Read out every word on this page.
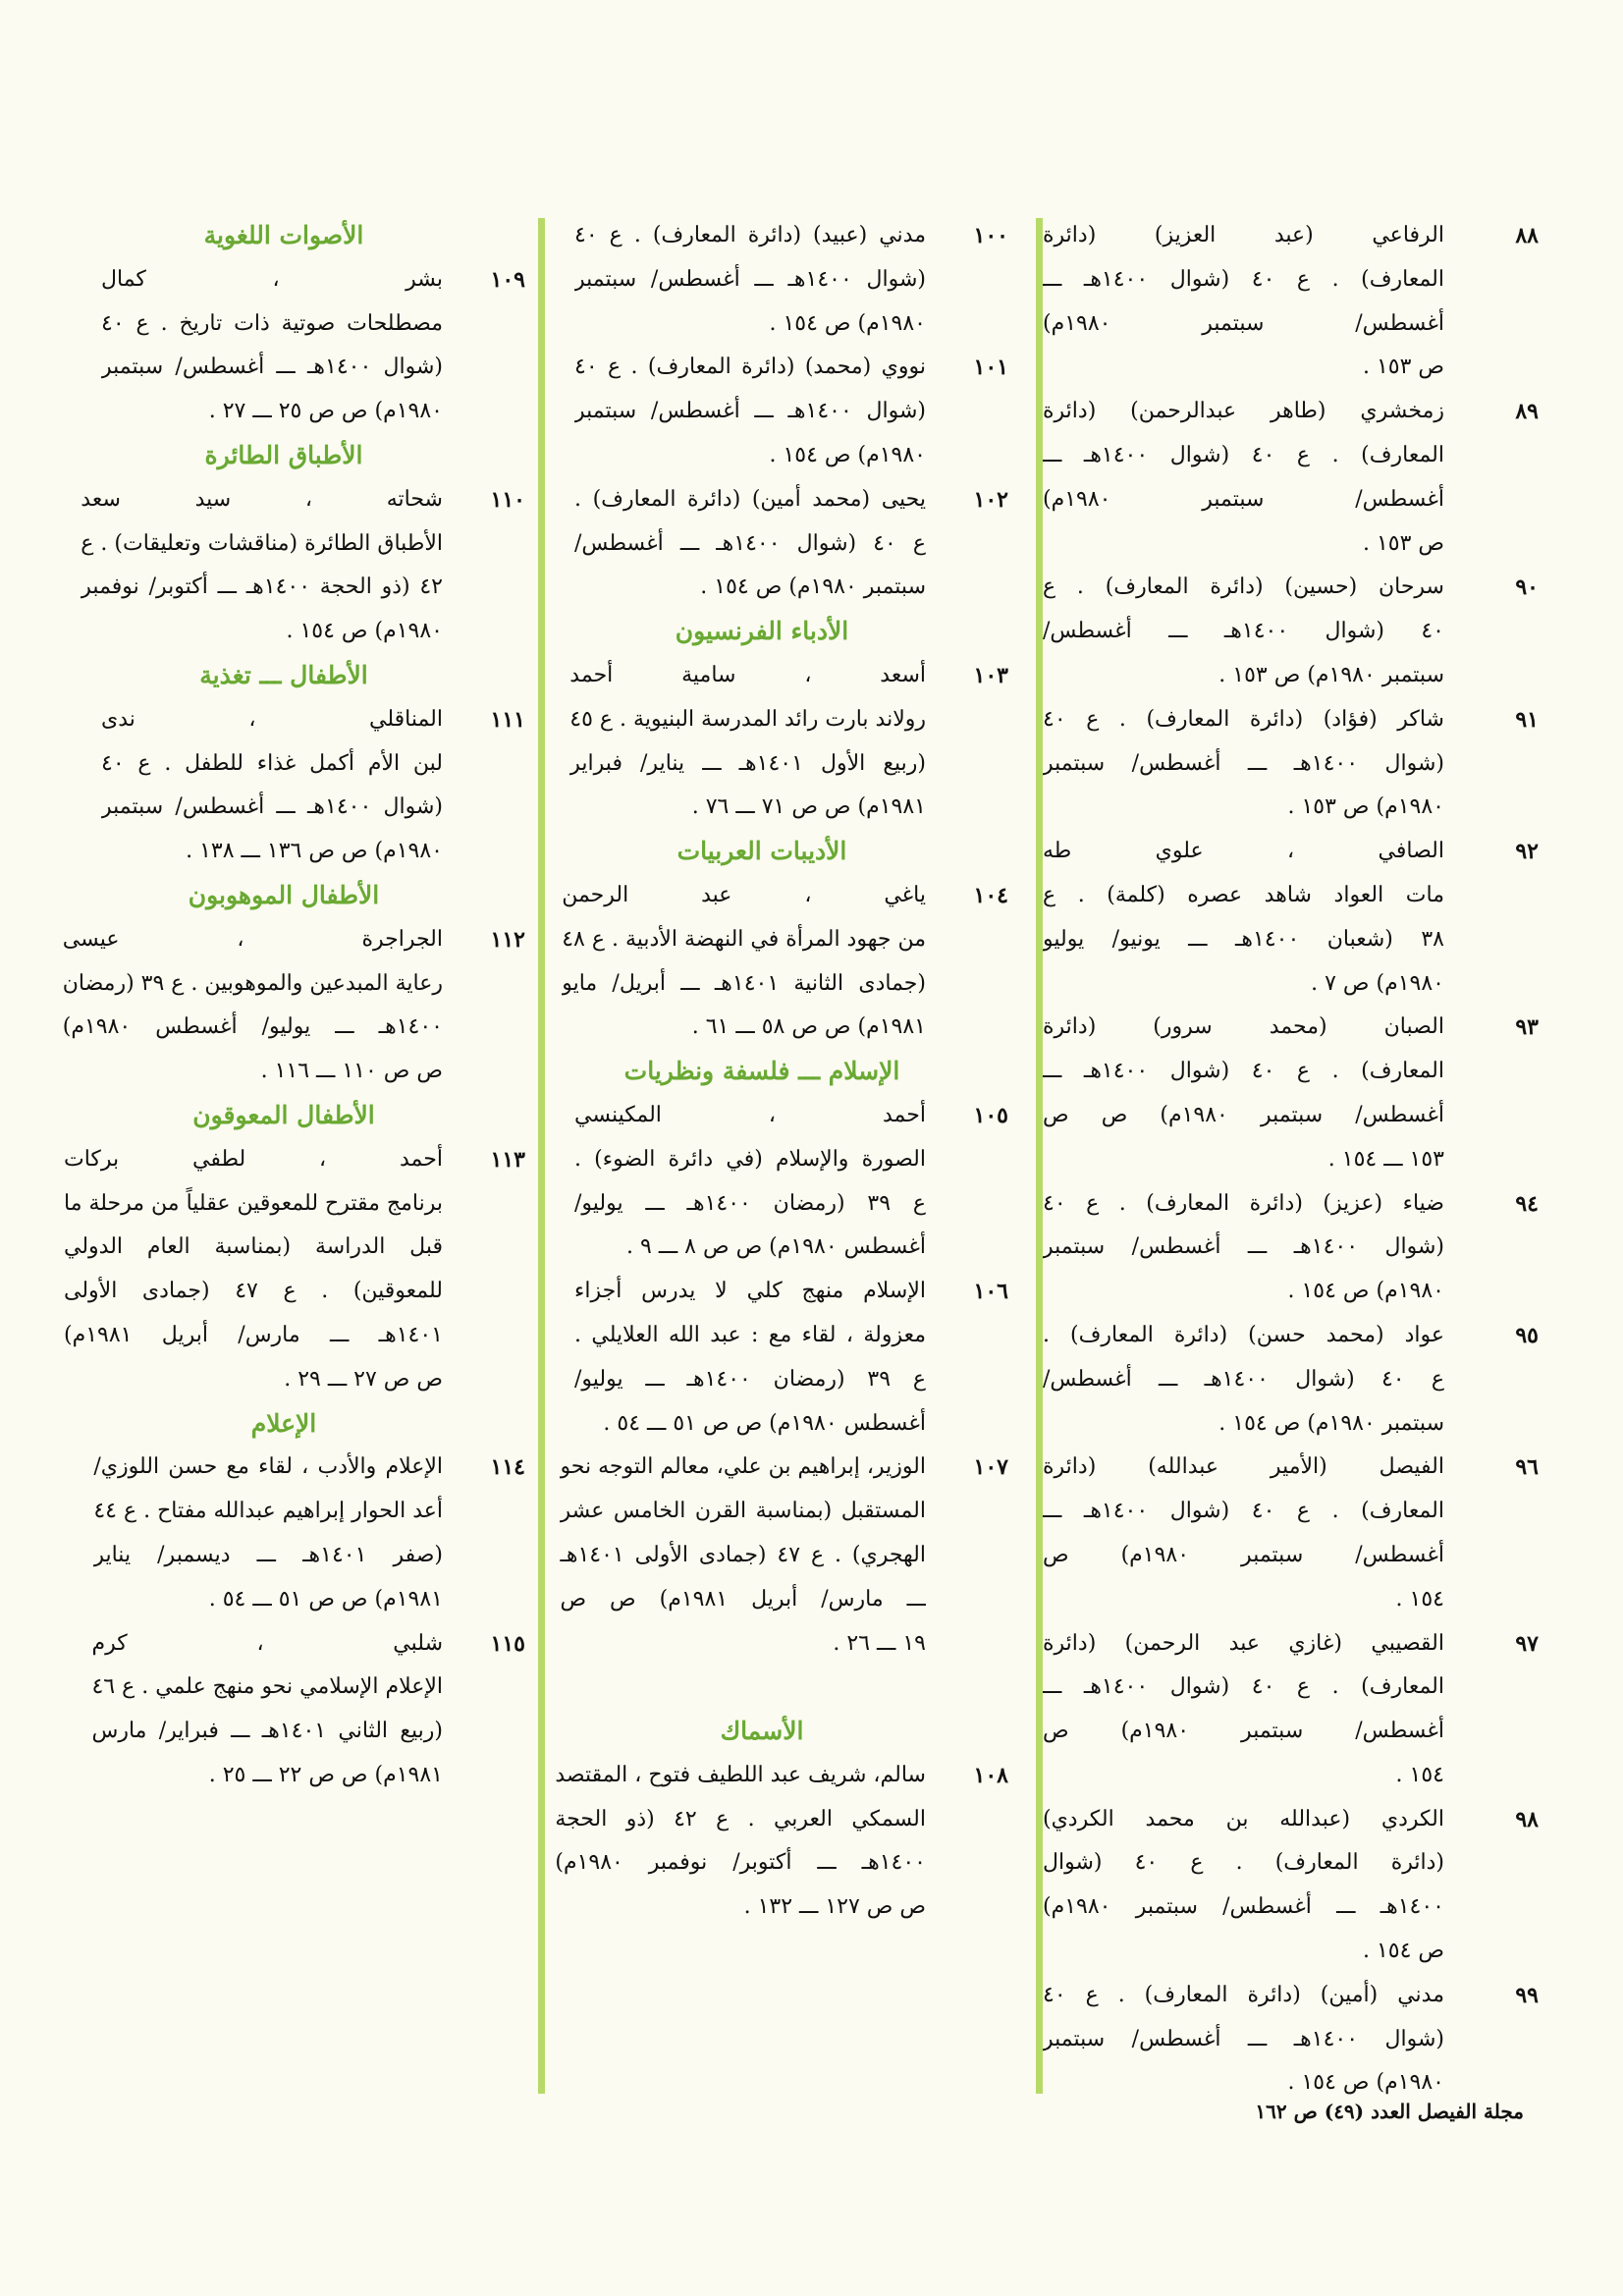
٨٨
الرفاعي (عبد العزيز) (دائرة
المعارف) . ع ٤٠ (شوال ١٤٠٠هـ ـــ
أغسطس/ سبتمبر ١٩٨٠م)
ص ١٥٣ .
٨٩
زمخشري (طاهر عبدالرحمن) (دائرة
المعارف) . ع ٤٠ (شوال ١٤٠٠هـ ـــ
أغسطس/ سبتمبر ١٩٨٠م)
ص ١٥٣ .
٩٠
سرحان (حسين) (دائرة المعارف) . ع
٤٠ (شوال ١٤٠٠هـ ـــ أغسطس/
سبتمبر ١٩٨٠م) ص ١٥٣ .
٩١
شاكر (فؤاد) (دائرة المعارف) . ع ٤٠
(شوال ١٤٠٠هـ ـــ أغسطس/ سبتمبر
١٩٨٠م) ص ١٥٣ .
٩٢
الصافي ، علوي طه
مات العواد شاهد عصره (كلمة) . ع
٣٨ (شعبان ١٤٠٠هـ ـــ يونيو/ يوليو
١٩٨٠م) ص ٧ .
٩٣
الصبان (محمد سرور) (دائرة
المعارف) . ع ٤٠ (شوال ١٤٠٠هـ ـــ
أغسطس/ سبتمبر ١٩٨٠م) ص ص
١٥٣ ـــ ١٥٤ .
٩٤
ضياء (عزيز) (دائرة المعارف) . ع ٤٠
(شوال ١٤٠٠هـ ـــ أغسطس/ سبتمبر
١٩٨٠م) ص ١٥٤ .
٩٥
عواد (محمد حسن) (دائرة المعارف) .
ع ٤٠ (شوال ١٤٠٠هـ ـــ أغسطس/
سبتمبر ١٩٨٠م) ص ١٥٤ .
٩٦
الفيصل (الأمير عبدالله) (دائرة
المعارف) . ع ٤٠ (شوال ١٤٠٠هـ ـــ
أغسطس/ سبتمبر ١٩٨٠م) ص
١٥٤ .
٩٧
القصيبي (غازي عبد الرحمن) (دائرة
المعارف) . ع ٤٠ (شوال ١٤٠٠هـ ـــ
أغسطس/ سبتمبر ١٩٨٠م) ص
١٥٤ .
٩٨
الكردي (عبدالله بن محمد الكردي)
(دائرة المعارف) . ع ٤٠ (شوال
١٤٠٠هـ ـــ أغسطس/ سبتمبر ١٩٨٠م)
ص ١٥٤ .
٩٩
مدني (أمين) (دائرة المعارف) . ع ٤٠
(شوال ١٤٠٠هـ ـــ أغسطس/ سبتمبر
١٩٨٠م) ص ١٥٤ .
١٠٠
مدني (عبيد) (دائرة المعارف) . ع ٤٠
(شوال ١٤٠٠هـ ـــ أغسطس/ سبتمبر
١٩٨٠م) ص ١٥٤ .
١٠١
نووي (محمد) (دائرة المعارف) . ع ٤٠
(شوال ١٤٠٠هـ ـــ أغسطس/ سبتمبر
١٩٨٠م) ص ١٥٤ .
١٠٢
يحيى (محمد أمين) (دائرة المعارف) .
ع ٤٠ (شوال ١٤٠٠هـ ـــ أغسطس/
سبتمبر ١٩٨٠م) ص ١٥٤ .
الأدباء الفرنسيون
١٠٣
أسعد ، سامية أحمد
رولاند بارت رائد المدرسة البنيوية . ع ٤٥
(ربيع الأول ١٤٠١هـ ـــ يناير/ فبراير
١٩٨١م) ص ص ٧١ ـــ ٧٦ .
الأديبات العربيات
١٠٤
ياغي ، عبد الرحمن
من جهود المرأة في النهضة الأدبية . ع ٤٨
(جمادى الثانية ١٤٠١هـ ـــ أبريل/ مايو
١٩٨١م) ص ص ٥٨ ـــ ٦١ .
الإسلام ـــ فلسفة ونظريات
١٠٥
أحمد ، المكينسي
الصورة والإسلام (في دائرة الضوء) .
ع ٣٩ (رمضان ١٤٠٠هـ ـــ يوليو/
أغسطس ١٩٨٠م) ص ص ٨ ـــ ٩ .
١٠٦
الإسلام منهج كلي لا يدرس أجزاء
معزولة ، لقاء مع : عبد الله العلايلي .
ع ٣٩ (رمضان ١٤٠٠هـ ـــ يوليو/
أغسطس ١٩٨٠م) ص ص ٥١ ـــ ٥٤ .
١٠٧
الوزير، إبراهيم بن علي، معالم التوجه نحو
المستقبل (بمناسبة القرن الخامس عشر
الهجري) . ع ٤٧ (جمادى الأولى ١٤٠١هـ
ـــ مارس/ أبريل ١٩٨١م) ص ص
١٩ ـــ ٢٦ .
الأسماك
١٠٨
سالم، شريف عبد اللطيف فتوح ، المقتصد
السمكي العربي . ع ٤٢ (ذو الحجة
١٤٠٠هـ ـــ أكتوبر/ نوفمبر ١٩٨٠م)
ص ص ١٢٧ ـــ ١٣٢ .
الأصوات اللغوية
١٠٩
بشر ، كمال
مصطلحات صوتية ذات تاريخ . ع ٤٠
(شوال ١٤٠٠هـ ـــ أغسطس/ سبتمبر
١٩٨٠م) ص ص ٢٥ ـــ ٢٧ .
الأطباق الطائرة
١١٠
شحاته ، سيد سعد
الأطباق الطائرة (مناقشات وتعليقات) . ع
٤٢ (ذو الحجة ١٤٠٠هـ ـــ أكتوبر/ نوفمبر
١٩٨٠م) ص ١٥٤ .
الأطفال ـــ تغذية
١١١
المناقلي ، ندى
لبن الأم أكمل غذاء للطفل . ع ٤٠
(شوال ١٤٠٠هـ ـــ أغسطس/ سبتمبر
١٩٨٠م) ص ص ١٣٦ ـــ ١٣٨ .
الأطفال الموهوبون
١١٢
الجراجرة ، عيسى
رعاية المبدعين والموهوبين . ع ٣٩ (رمضان
١٤٠٠هـ ـــ يوليو/ أغسطس ١٩٨٠م)
ص ص ١١٠ ـــ ١١٦ .
الأطفال المعوقون
١١٣
أحمد ، لطفي بركات
برنامج مقترح للمعوقين عقلياً من مرحلة ما
قبل الدراسة (بمناسبة العام الدولي
للمعوقين) . ع ٤٧ (جمادى الأولى
١٤٠١هـ ـــ مارس/ أبريل ١٩٨١م)
ص ص ٢٧ ـــ ٢٩ .
الإعلام
١١٤
الإعلام والأدب ، لقاء مع حسن اللوزي/
أعد الحوار إبراهيم عبدالله مفتاح . ع ٤٤
(صفر ١٤٠١هـ ـــ ديسمبر/ يناير
١٩٨١م) ص ص ٥١ ـــ ٥٤ .
١١٥
شلبي ، كرم
الإعلام الإسلامي نحو منهج علمي . ع ٤٦
(ربيع الثاني ١٤٠١هـ ـــ فبراير/ مارس
١٩٨١م) ص ص ٢٢ ـــ ٢٥ .
مجلة الفيصل العدد (٤٩) ص ١٦٢
